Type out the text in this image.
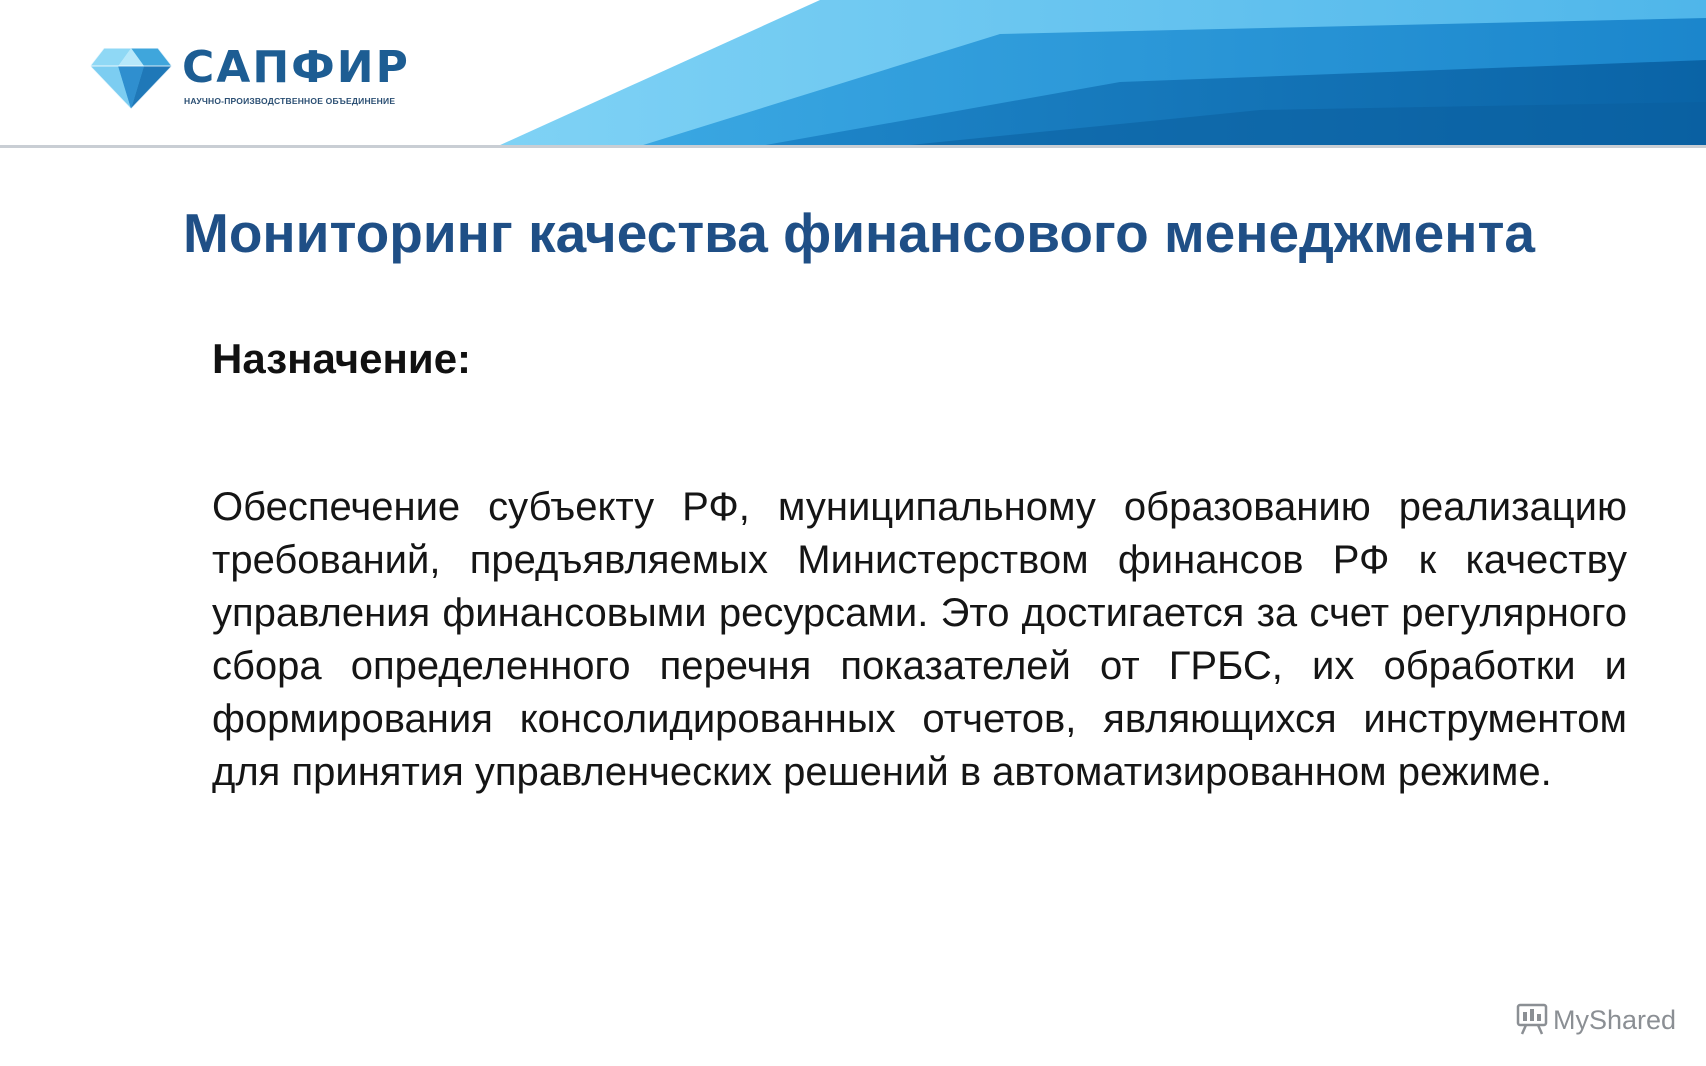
САПФИР
НАУЧНО-ПРОИЗВОДСТВЕННОЕ ОБЪЕДИНЕНИЕ
Мониторинг качества финансового менеджмента
Назначение:

Обеспечение субъекту РФ, муниципальному образованию реализацию требований, предъявляемых Министерством финансов РФ к качеству управления финансовыми ресурсами. Это достигается за счет регулярного сбора определенного перечня показателей от ГРБС, их обработки и формирования консолидированных отчетов, являющихся инструментом для принятия управленческих решений в автоматизированном режиме.

MyShared
